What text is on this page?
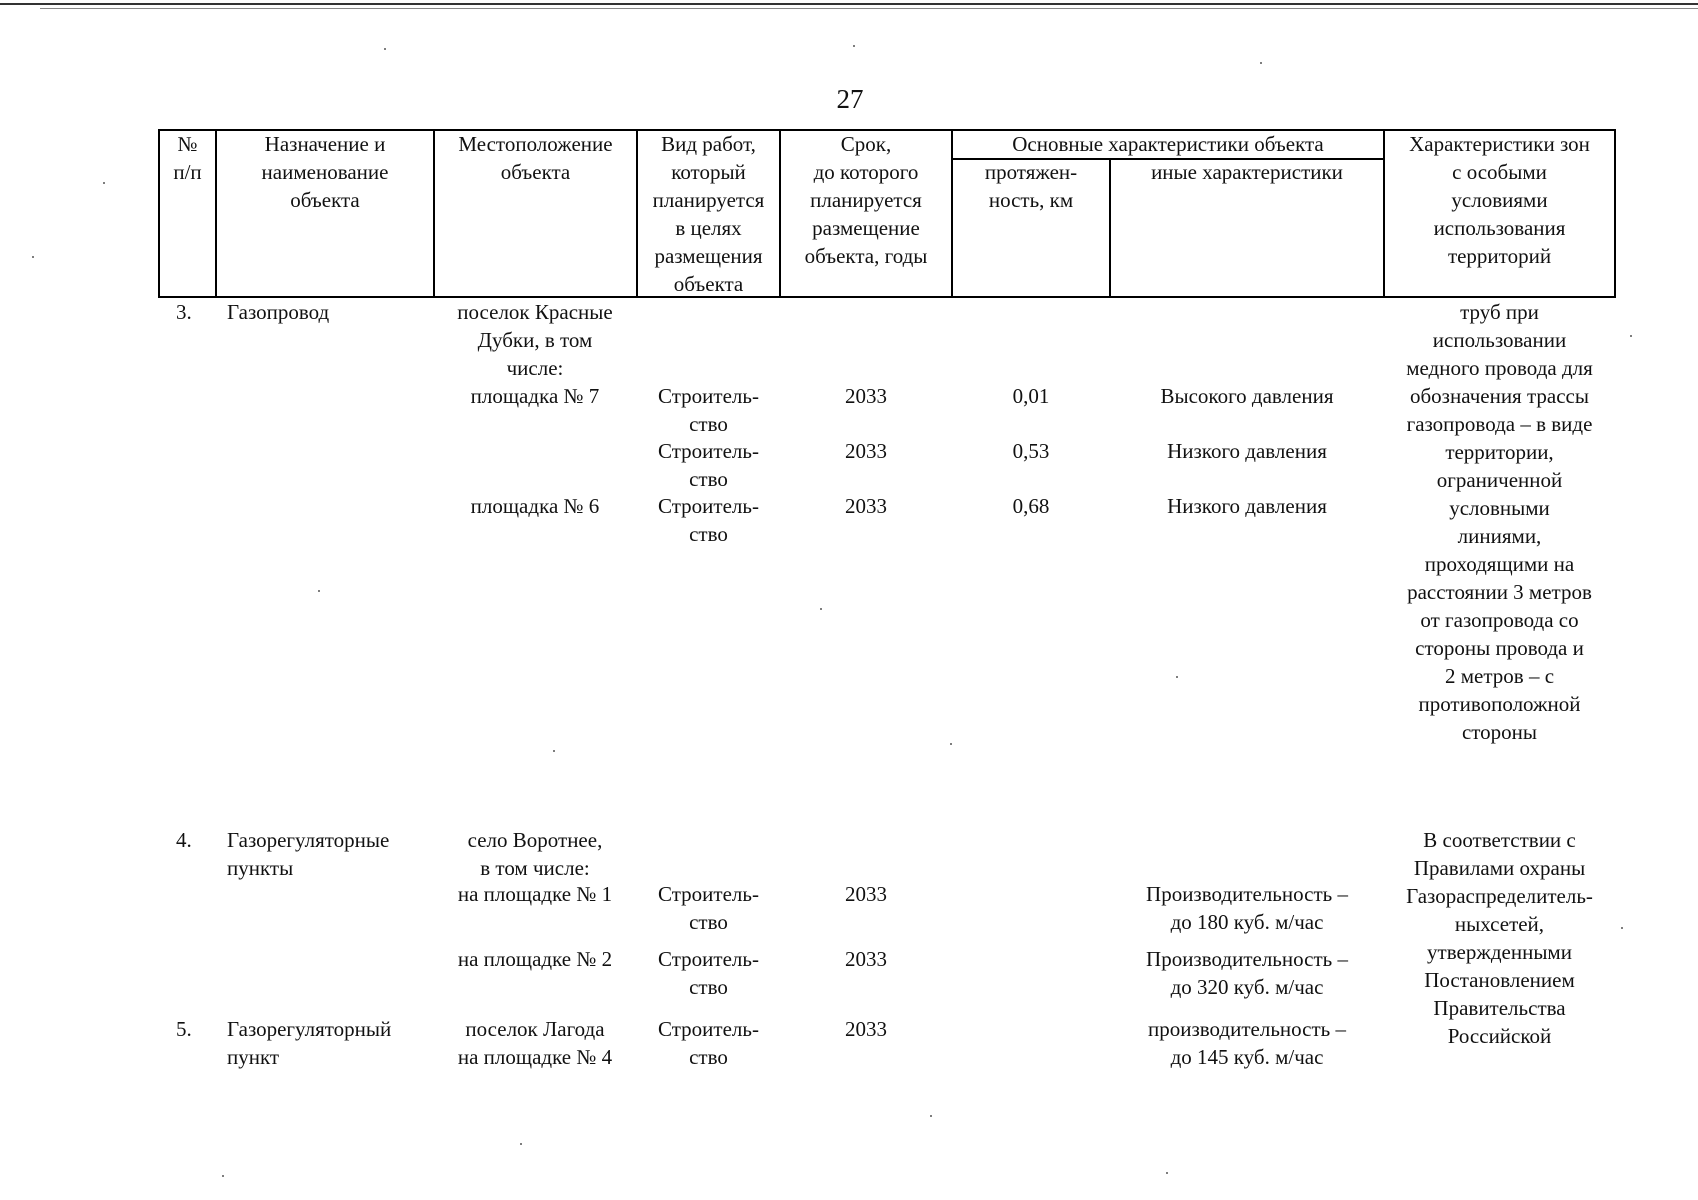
27
№
п/п
Назначение и
наименование
объекта
Местоположение
объекта
Вид работ,
который
планируется
в целях
размещения
объекта
Срок,
до которого
планируется
размещение
объекта, годы
Основные характеристики объекта
протяжен-
ность, км
иные характеристики
Характеристики зон
с особыми
условиями
использования
территорий
3. Газопровод	поселок Красные
Дубки, в том
числе:
площадка № 7
площадка № 6
Строитель-
ство
Строитель-
ство
Строитель-
ство
2033
2033
2033
0,01
0,53
0,68
Высокого давления
Низкого давления
Низкого давления
труб при
использовании
медного провода для
обозначения трассы
газопровода – в виде
территории,
ограниченной
условными
линиями,
проходящими на
расстоянии 3 метров
от газопровода со
стороны провода и
2 метров – с
противоположной
стороны
4. Газорегуляторные
пункты
село Воротнее,
в том числе:
на площадке № 1
на площадке № 2
Строитель-
ство
Строитель-
ство
2033
2033
Производительность –
до 180 куб. м/час
Производительность –
до 320 куб. м/час
В соответствии с
Правилами охраны
Газораспределитель-
ныхсетей,
утвержденными
Постановлением
Правительства
Российской
5. Газорегуляторный
пункт
поселок Лагода
на площадке № 4
Строитель-
ство
2033	производительность –
до 145 куб. м/час
